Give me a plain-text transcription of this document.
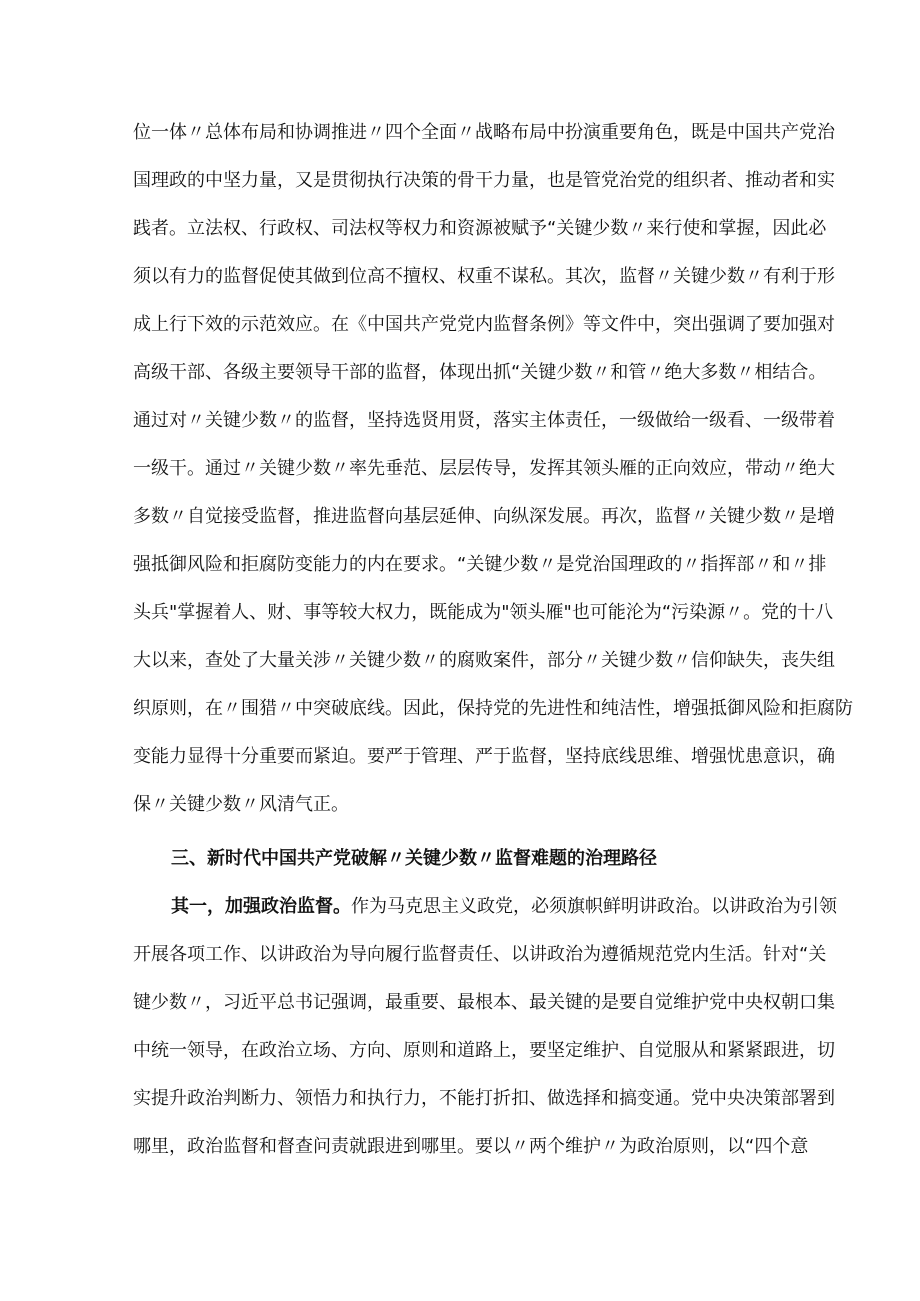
位一体〃总体布局和协调推进〃四个全面〃战略布局中扮演重要角色，既是中国共产党治
国理政的中坚力量，又是贯彻执行决策的骨干力量，也是管党治党的组织者、推动者和实
践者。立法权、行政权、司法权等权力和资源被赋予“关键少数〃来行使和掌握，因此必
须以有力的监督促使其做到位高不擅权、权重不谋私。其次，监督〃关键少数〃有利于形
成上行下效的示范效应。在《中国共产党党内监督条例》等文件中，突出强调了要加强对
高级干部、各级主要领导干部的监督，体现出抓“关键少数〃和管〃绝大多数〃相结合。
通过对〃关键少数〃的监督，坚持选贤用贤，落实主体责任，一级做给一级看、一级带着
一级干。通过〃关键少数〃率先垂范、层层传导，发挥其领头雁的正向效应，带动〃绝大
多数〃自觉接受监督，推进监督向基层延伸、向纵深发展。再次，监督〃关键少数〃是增
强抵御风险和拒腐防变能力的内在要求。“关键少数〃是党治国理政的〃指挥部〃和〃排
头兵"掌握着人、财、事等较大权力，既能成为"领头雁"也可能沦为“污染源〃。党的十八
大以来，查处了大量关涉〃关键少数〃的腐败案件，部分〃关键少数〃信仰缺失，丧失组
织原则，在〃围猎〃中突破底线。因此，保持党的先进性和纯洁性，增强抵御风险和拒腐防
变能力显得十分重要而紧迫。要严于管理、严于监督，坚持底线思维、增强忧患意识，确
保〃关键少数〃风清气正。
三、新时代中国共产党破解〃关键少数〃监督难题的治理路径
其一，加强政治监督。作为马克思主义政党，必须旗帜鲜明讲政治。以讲政治为引领
开展各项工作、以讲政治为导向履行监督责任、以讲政治为遵循规范党内生活。针对“关
键少数〃，习近平总书记强调，最重要、最根本、最关键的是要自觉维护党中央权朝口集
中统一领导，在政治立场、方向、原则和道路上，要坚定维护、自觉服从和紧紧跟进，切
实提升政治判断力、领悟力和执行力，不能打折扣、做选择和搞变通。党中央决策部署到
哪里，政治监督和督查问责就跟进到哪里。要以〃两个维护〃为政治原则，以“四个意
